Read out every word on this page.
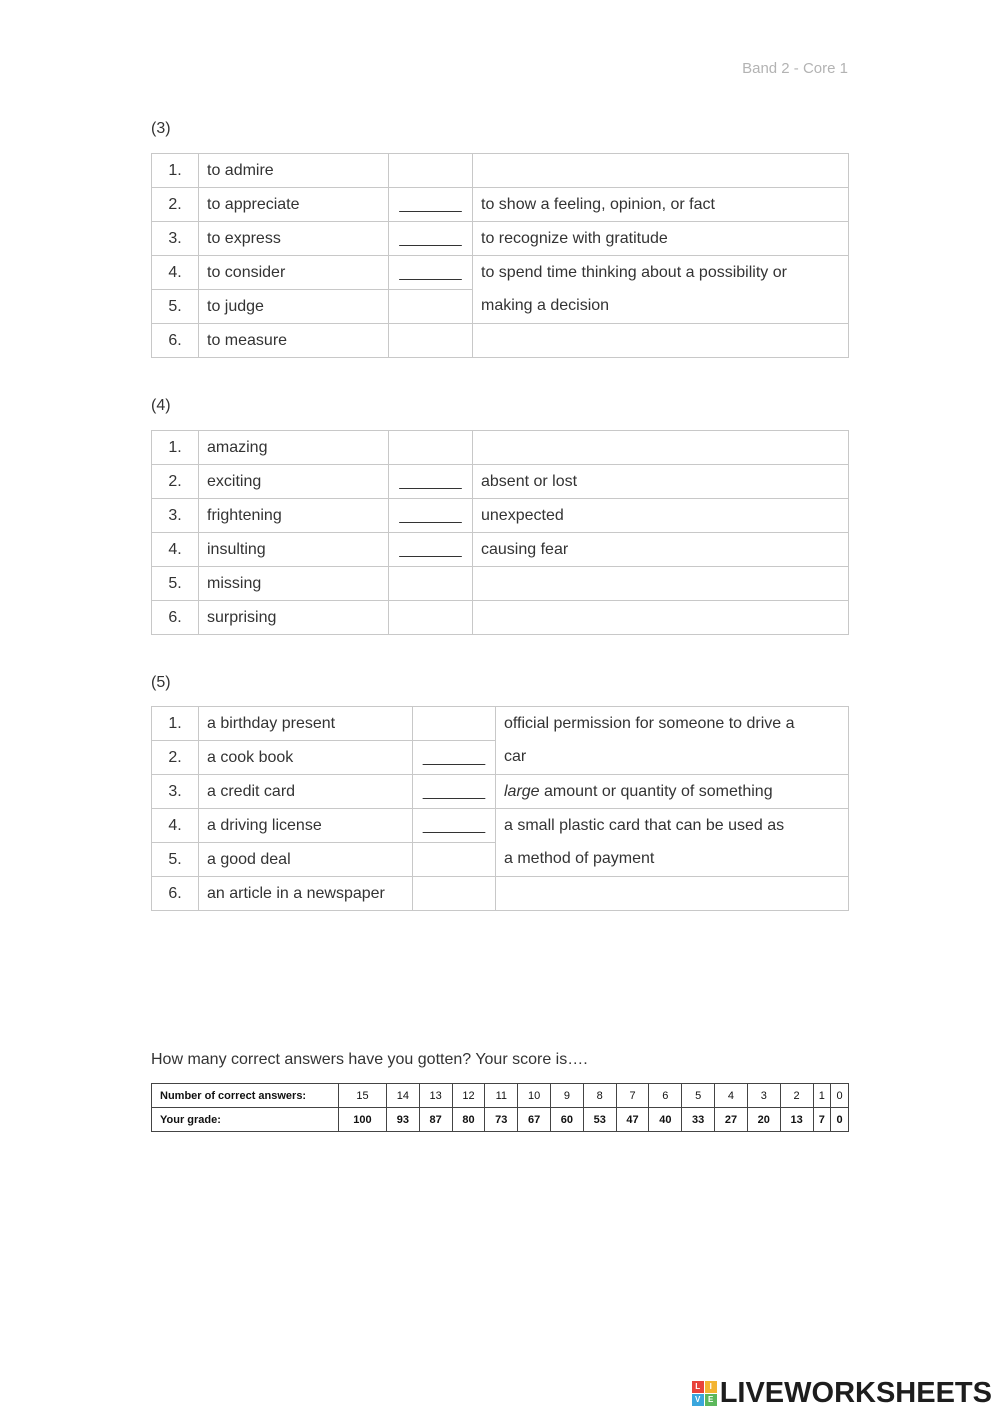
Band 2 - Core 1
(3)
1.	to admire		
2.	to appreciate	_______	to show a feeling, opinion, or fact
3.	to express	_______	to recognize with gratitude
4.	to consider	_______	to spend time thinking about a possibility or
making a decision

5.	to judge		
6.	to measure		
(4)
1.	amazing		
2.	exciting	_______	absent or lost
3.	frightening	_______	unexpected
4.	insulting	_______	causing fear
5.	missing		
6.	surprising		
(5)
1.	a birthday present		official permission for someone to drive a
car

2.	a cook book	_______	
3.	a credit card	_______	large amount or quantity of something
4.	a driving license	_______	a small plastic card that can be used as
a method of payment

5.	a good deal		
6.	an article in a newspaper		
How many correct answers have you gotten? Your score is….
Number of correct answers:	15	14	13	12	11	10	9	8	7	6	5	4	3	2	1	0
Your grade:	100	93	87	80	73	67	60	53	47	40	33	27	20	13	7	0
L	I
V E LIVEWORKSHEETS
